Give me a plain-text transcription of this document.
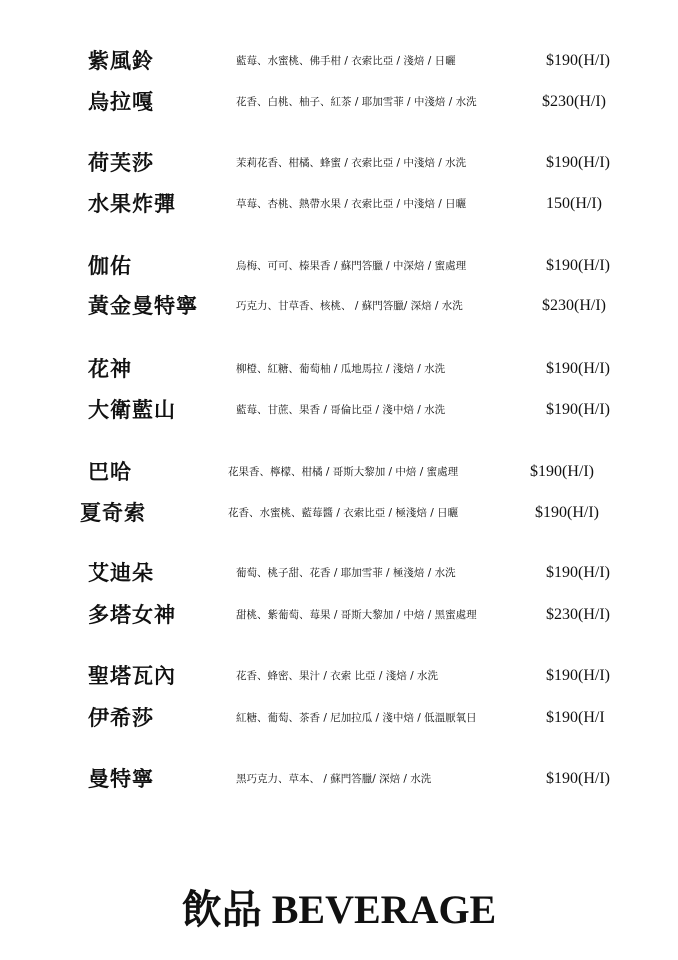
紫風鈴	藍莓、水蜜桃、佛手柑 / 衣索比亞 / 淺焙 / 日曬	$190(H/I)
烏拉嘎	花香、白桃、柚子、紅茶 / 耶加雪菲 / 中淺焙 / 水洗	$230(H/I)
荷芙莎	茉莉花香、柑橘、蜂蜜 / 衣索比亞 / 中淺焙 / 水洗	$190(H/I)
水果炸彈	草莓、杏桃、熱帶水果 / 衣索比亞 / 中淺焙 / 日曬	150(H/I)
伽佑	烏梅、可可、榛果香 / 蘇門答臘 / 中深焙 / 蜜處理	$190(H/I)
黃金曼特寧	巧克力、甘草香、核桃、 / 蘇門答臘/ 深焙 / 水洗	$230(H/I)
花神	柳橙、紅糖、葡萄柚 / 瓜地馬拉 / 淺焙 / 水洗	$190(H/I)
大衛藍山	藍莓、甘蔗、果香 / 哥倫比亞 / 淺中焙 / 水洗	$190(H/I)
巴哈	花果香、檸檬、柑橘 / 哥斯大黎加 / 中焙 / 蜜處理	$190(H/I)
夏奇索	花香、水蜜桃、藍莓醬 / 衣索比亞 / 極淺焙 / 日曬	$190(H/I)
艾迪朵	葡萄、桃子甜、花香 / 耶加雪菲 / 極淺焙 / 水洗	$190(H/I)
多塔女神	甜桃、紫葡萄、莓果 / 哥斯大黎加 / 中焙 / 黑蜜處理	$230(H/I)
聖塔瓦內	花香、蜂密、果汁 / 衣索 比亞 / 淺焙 / 水洗	$190(H/I)
伊希莎	紅糖、葡萄、茶香 / 尼加拉瓜 / 淺中焙 / 低溫厭氧日	$190(H/I
曼特寧	黑巧克力、草本、 / 蘇門答臘/ 深焙 / 水洗	$190(H/I)
飲品 BEVERAGE
